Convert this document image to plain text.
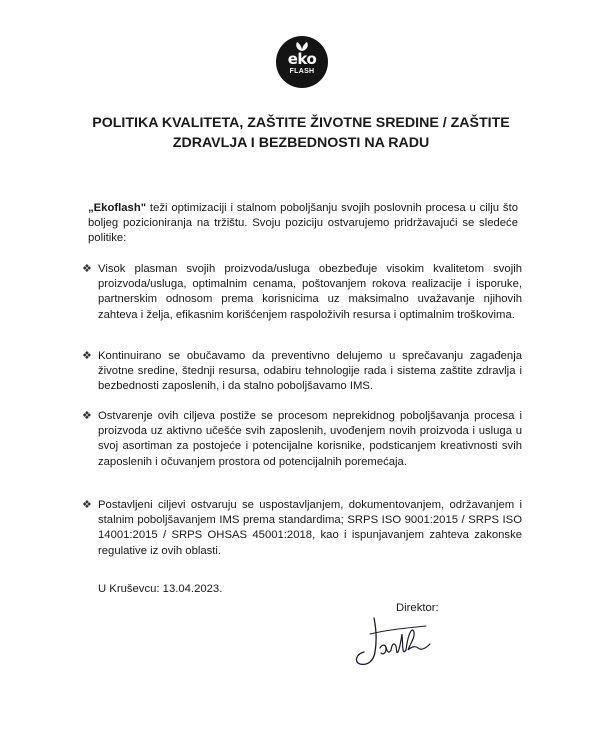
eko
FLASH
POLITIKA KVALITETA, ZAŠTITE ŽIVOTNE SREDINE / ZAŠTITE
ZDRAVLJA I BEZBEDNOSTI NA RADU

„Ekoflash" teži optimizaciji i stalnom poboljšanju svojih poslovnih procesa u cilju što boljeg pozicioniranja na tržištu. Svoju poziciju ostvarujemo pridržavajući se sledeće politike:

❖ Visok plasman svojih proizvoda/usluga obezbeđuje visokim kvalitetom svojih proizvoda/usluga, optimalnim cenama, poštovanjem rokova realizacije i isporuke, partnerskim odnosom prema korisnicima uz maksimalno uvažavanje njihovih zahteva i želja, efikasnim korišćenjem raspoloživih resursa i optimalnim troškovima.
❖ Kontinuirano se obučavamo da preventivno delujemo u sprečavanju zagađenja životne sredine, štednji resursa, odabiru tehnologije rada i sistema zaštite zdravlja i bezbednosti zaposlenih, i da stalno poboljšavamo IMS.
❖ Ostvarenje ovih ciljeva postiže se procesom neprekidnog poboljšavanja procesa i proizvoda uz aktivno učešće svih zaposlenih, uvođenjem novih proizvoda i usluga u svoj asortiman za postojeće i potencijalne korisnike, podsticanjem kreativnosti svih zaposlenih i očuvanjem prostora od potencijalnih poremećaja.
❖ Postavljeni ciljevi ostvaruju se uspostavljanjem, dokumentovanjem, održavanjem i stalnim poboljšavanjem IMS prema standardima; SRPS ISO 9001:2015 / SRPS ISO 14001:2015 / SRPS OHSAS 45001:2018, kao i ispunjavanjem zahteva zakonske regulative iz ovih oblasti.

U Kruševcu: 13.04.2023.

Direktor:
